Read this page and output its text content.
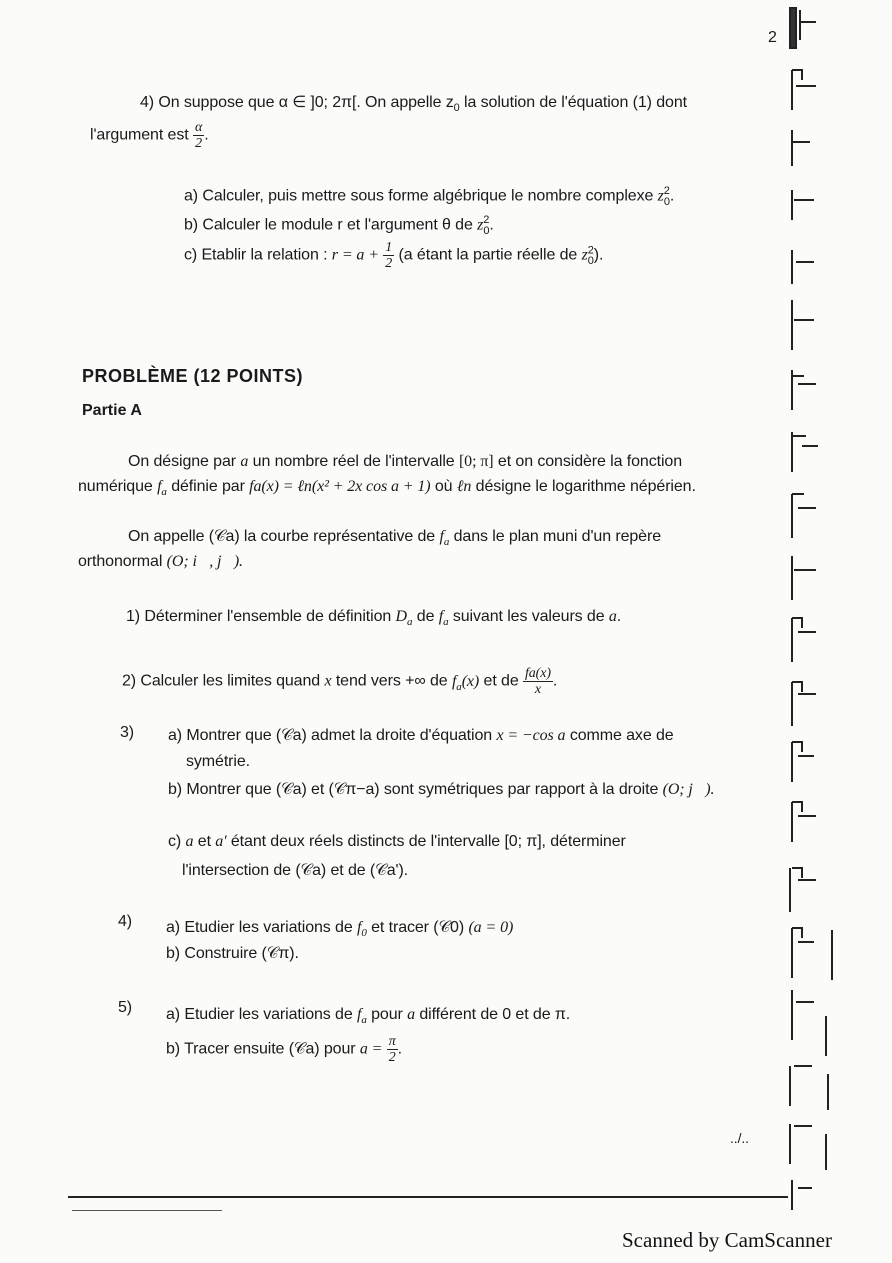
2
4) On suppose que α ∈ ]0; 2π[. On appelle $z_0$ la solution de l'équation (1) dont
l'argument est $\frac{\alpha}{2}$ .
a) Calculer, puis mettre sous forme algébrique le nombre complexe $z^2_0$.
b) Calculer le module r et l'argument θ de $z^2_0$.
c) Etablir la relation : $r = a + \frac{1}{2} (a$ étant la partie réelle de $z^2_0$).
PROBLÈME (12 POINTS)
Partie A
On désigne par a un nombre réel de l'intervalle [0; π] et on considère la fonction
numérique $f_a$ définie par fa(x) = ℓn(x² + 2x cos a + 1) où ℓn désigne le logarithme népérien.
On appelle (𝒞a) la courbe représentative de $f_a$ dans le plan muni d'un repère
orthonormal (O; i⃗, j⃗).
1) Déterminer l'ensemble de définition $D_a$ de $f_a$ suivant les valeurs de a.
2) Calculer les limites quand x tend vers +∞ de $f_a(x)$ et de $\frac{fa(x)}{x}$ .
3) a) Montrer que (𝒞a) admet la droite d'équation x = −cos a comme axe de
symétrie.
b) Montrer que (𝒞a) et (𝒞π−a) sont symétriques par rapport à la droite (O; j⃗).
c) a et a' étant deux réels distincts de l'intervalle [0; π], déterminer
l'intersection de (𝒞a) et de (𝒞a').
4) a) Etudier les variations de $f_0$ et tracer (𝒞0) (a = 0)
b) Construire (𝒞π).
5) a) Etudier les variations de $f_a$ pour a différent de 0 et de π.
b) Tracer ensuite (𝒞a) pour $a = \frac{\pi}{2}$ .
../..
Scanned by CamScanner
